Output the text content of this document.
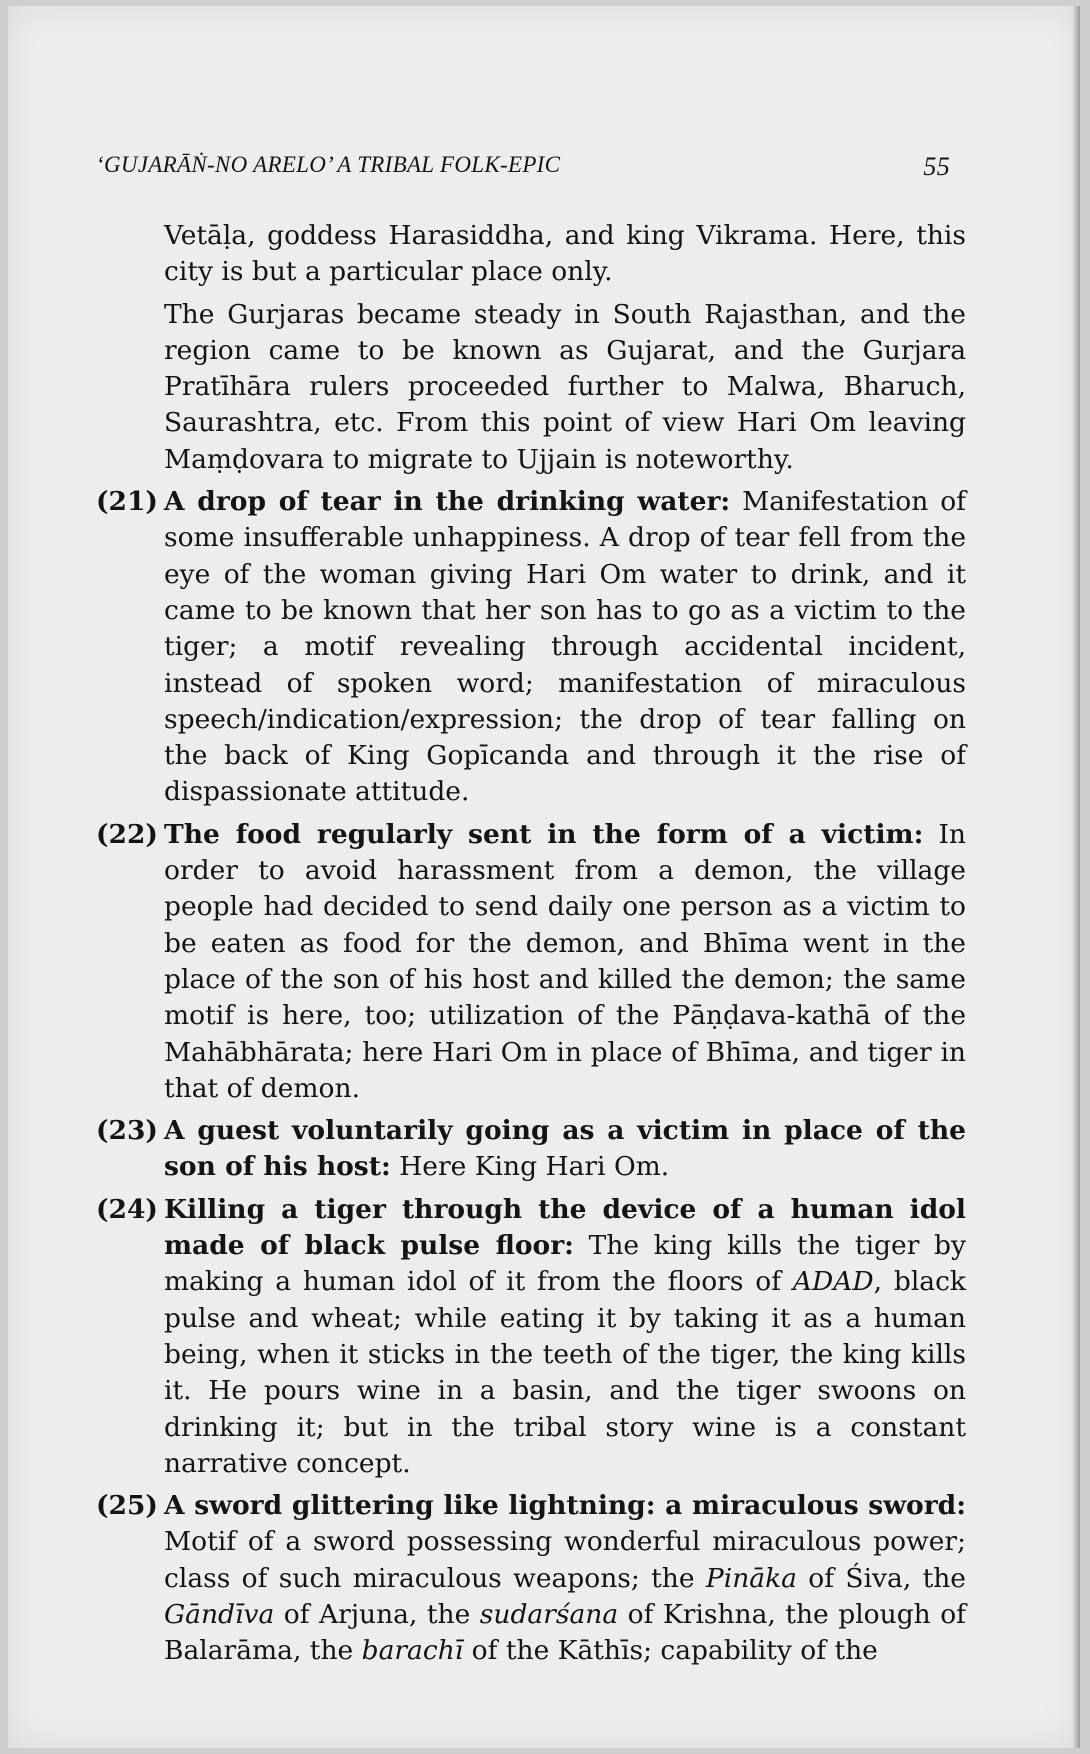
‘GUJARĀṄ-NO ARELO’ A TRIBAL FOLK-EPIC	55

Vetāḷa, goddess Harasiddha, and king Vikrama. Here, this city is but a particular place only.

The Gurjaras became steady in South Rajasthan, and the region came to be known as Gujarat, and the Gurjara Pratīhāra rulers proceeded further to Malwa, Bharuch, Saurashtra, etc. From this point of view Hari Om leaving Maṃḍovara to migrate to Ujjain is noteworthy.

(21) A drop of tear in the drinking water: Manifestation of some insufferable unhappiness. A drop of tear fell from the eye of the woman giving Hari Om water to drink, and it came to be known that her son has to go as a victim to the tiger; a motif revealing through accidental incident, instead of spoken word; manifestation of miraculous speech/indication/expression; the drop of tear falling on the back of King Gopīcanda and through it the rise of dispassionate attitude.
(22) The food regularly sent in the form of a victim: In order to avoid harassment from a demon, the village people had decided to send daily one person as a victim to be eaten as food for the demon, and Bhīma went in the place of the son of his host and killed the demon; the same motif is here, too; utilization of the Pāṇḍava-kathā of the Mahābhārata; here Hari Om in place of Bhīma, and tiger in that of demon.
(23) A guest voluntarily going as a victim in place of the son of his host: Here King Hari Om.
(24) Killing a tiger through the device of a human idol made of black pulse floor: The king kills the tiger by making a human idol of it from the floors of ADAD, black pulse and wheat; while eating it by taking it as a human being, when it sticks in the teeth of the tiger, the king kills it. He pours wine in a basin, and the tiger swoons on drinking it; but in the tribal story wine is a constant narrative concept.
(25) A sword glittering like lightning: a miraculous sword: Motif of a sword possessing wonderful miraculous power; class of such miraculous weapons; the Pināka of Śiva, the Gāndīva of Arjuna, the sudarśana of Krishna, the plough of Balarāma, the barachī of the Kāthīs; capability of the
